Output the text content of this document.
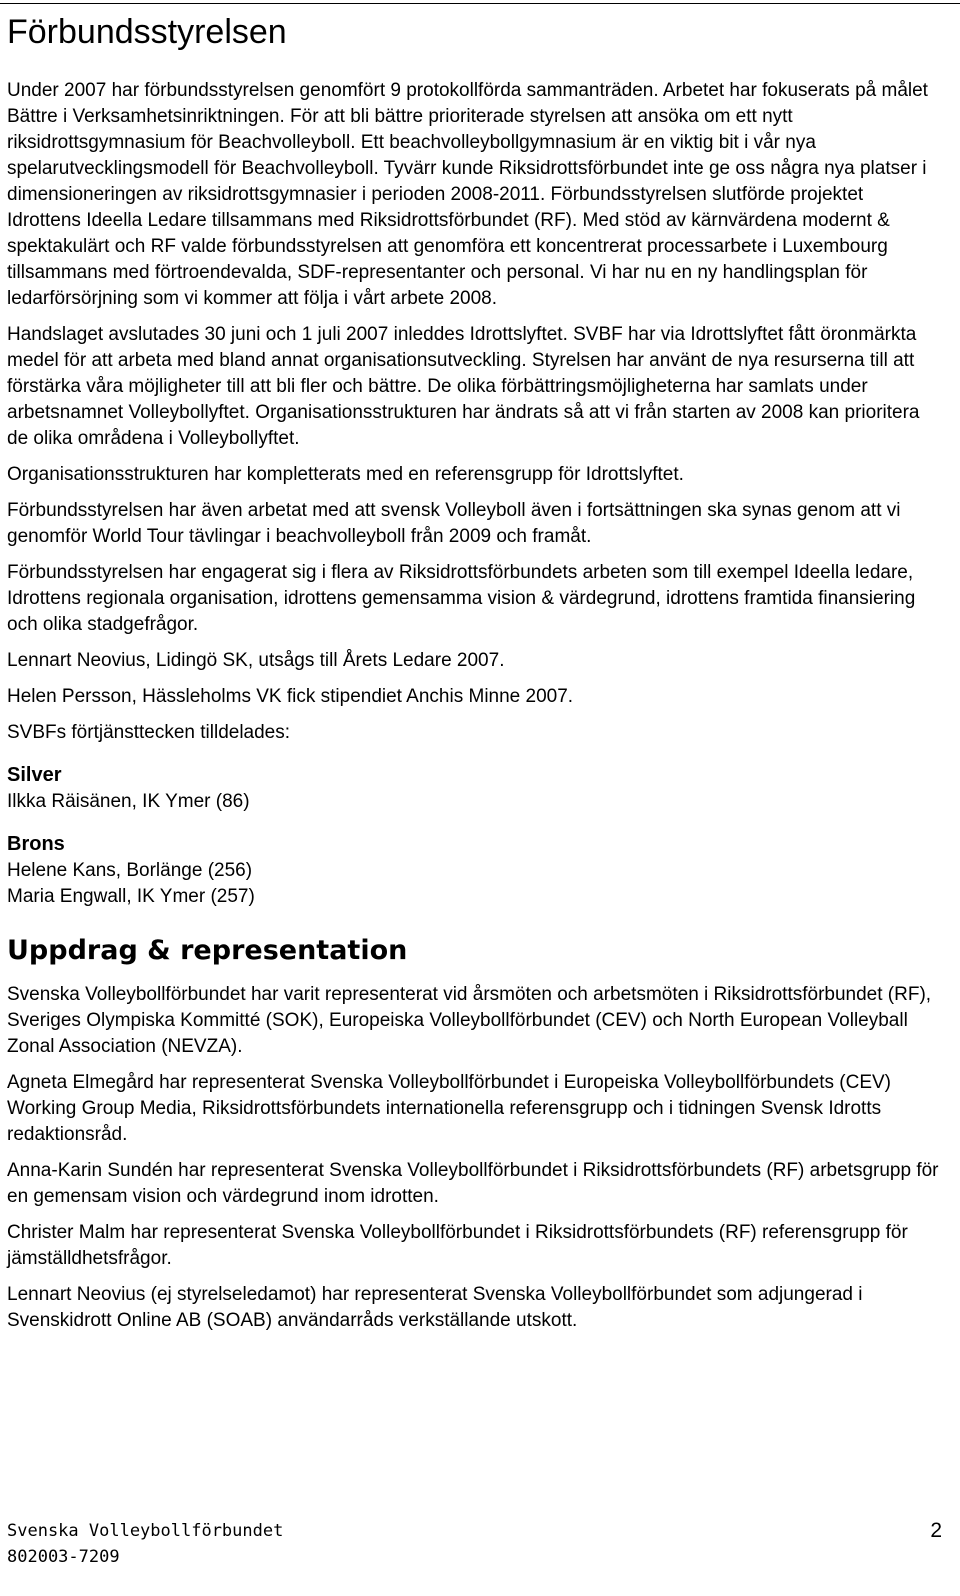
Förbundsstyrelsen

Under 2007 har förbundsstyrelsen genomfört 9 protokollförda sammanträden. Arbetet har fokuserats på målet Bättre i Verksamhetsinriktningen. För att bli bättre prioriterade styrelsen att ansöka om ett nytt riksidrottsgymnasium för Beachvolleyboll. Ett beachvolleybollgymnasium är en viktig bit i vår nya spelarutvecklingsmodell för Beachvolleyboll. Tyvärr kunde Riksidrottsförbundet inte ge oss några nya platser i dimensioneringen av riksidrottsgymnasier i perioden 2008-2011. Förbundsstyrelsen slutförde projektet Idrottens Ideella Ledare tillsammans med Riksidrottsförbundet (RF). Med stöd av kärnvärdena modernt & spektakulärt och RF valde förbundsstyrelsen att genomföra ett koncentrerat processarbete i Luxembourg tillsammans med förtroendevalda, SDF-representanter och personal. Vi har nu en ny handlingsplan för ledarförsörjning som vi kommer att följa i vårt arbete 2008.

Handslaget avslutades 30 juni och 1 juli 2007 inleddes Idrottslyftet. SVBF har via Idrottslyftet fått öronmärkta medel för att arbeta med bland annat organisationsutveckling. Styrelsen har använt de nya resurserna till att förstärka våra möjligheter till att bli fler och bättre. De olika förbättringsmöjligheterna har samlats under arbetsnamnet Volleybollyftet. Organisationsstrukturen har ändrats så att vi från starten av 2008 kan prioritera de olika områdena i Volleybollyftet.

Organisationsstrukturen har kompletterats med en referensgrupp för Idrottslyftet.

Förbundsstyrelsen har även arbetat med att svensk Volleyboll även i fortsättningen ska synas genom att vi genomför World Tour tävlingar i beachvolleyboll från 2009 och framåt.

Förbundsstyrelsen har engagerat sig i flera av Riksidrottsförbundets arbeten som till exempel Ideella ledare, Idrottens regionala organisation, idrottens gemensamma vision & värdegrund, idrottens framtida finansiering och olika stadgefrågor.

Lennart Neovius, Lidingö SK, utsågs till Årets Ledare 2007.

Helen Persson, Hässleholms VK fick stipendiet Anchis Minne 2007.

SVBFs förtjänsttecken tilldelades:

Silver

Ilkka Räisänen, IK Ymer (86)

Brons

Helene Kans, Borlänge (256)

Maria Engwall, IK Ymer (257)

Uppdrag & representation

Svenska Volleybollförbundet har varit representerat vid årsmöten och arbetsmöten i Riksidrottsförbundet (RF), Sveriges Olympiska Kommitté (SOK), Europeiska Volleybollförbundet (CEV) och North European Volleyball Zonal Association (NEVZA).

Agneta Elmegård har representerat Svenska Volleybollförbundet i Europeiska Volleybollförbundets (CEV) Working Group Media, Riksidrottsförbundets internationella referensgrupp och i tidningen Svensk Idrotts redaktionsråd.

Anna-Karin Sundén har representerat Svenska Volleybollförbundet i Riksidrottsförbundets (RF) arbetsgrupp för en gemensam vision och värdegrund inom idrotten.

Christer Malm har representerat Svenska Volleybollförbundet i Riksidrottsförbundets (RF) referensgrupp för jämställdhetsfrågor.

Lennart Neovius (ej styrelseledamot) har representerat Svenska Volleybollförbundet som adjungerad i Svenskidrott Online AB (SOAB) användarråds verkställande utskott.

Svenska Volleybollförbundet	2
802003-7209
